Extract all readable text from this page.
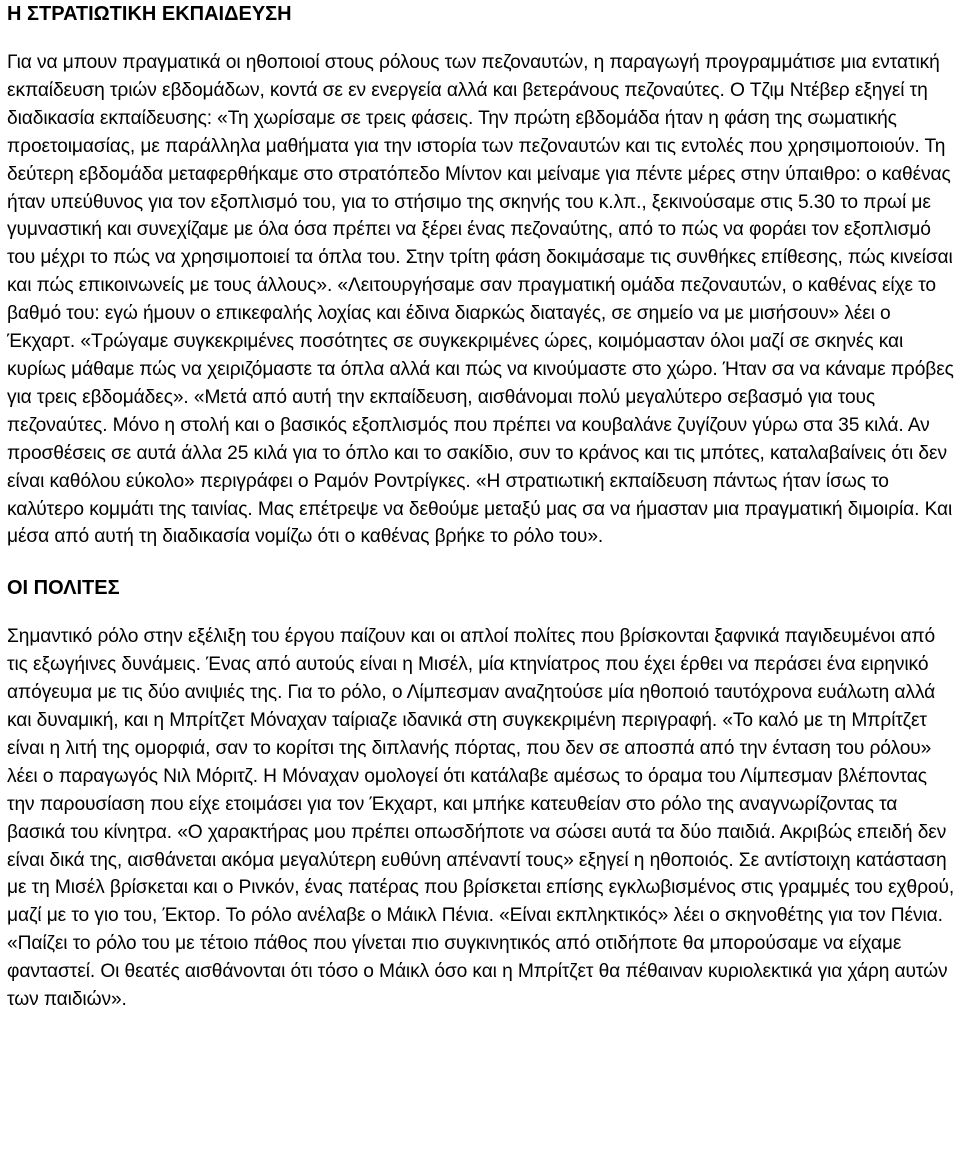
Η ΣΤΡΑΤΙΩΤΙΚΗ ΕΚΠΑΙΔΕΥΣΗ

Για να μπουν πραγματικά οι ηθοποιοί στους ρόλους των πεζοναυτών, η παραγωγή προγραμμάτισε μια εντατική εκπαίδευση τριών εβδομάδων, κοντά σε εν ενεργεία αλλά και βετεράνους πεζοναύτες. Ο Τζιμ Ντέβερ εξηγεί τη διαδικασία εκπαίδευσης: «Τη χωρίσαμε σε τρεις φάσεις. Την πρώτη εβδομάδα ήταν η φάση της σωματικής προετοιμασίας, με παράλληλα μαθήματα για την ιστορία των πεζοναυτών και τις εντολές που χρησιμοποιούν. Τη δεύτερη εβδομάδα μεταφερθήκαμε στο στρατόπεδο Μίντον και μείναμε για πέντε μέρες στην ύπαιθρο: ο καθένας ήταν υπεύθυνος για τον εξοπλισμό του, για το στήσιμο της σκηνής του κ.λπ., ξεκινούσαμε στις 5.30 το πρωί με γυμναστική και συνεχίζαμε με όλα όσα πρέπει να ξέρει ένας πεζοναύτης, από το πώς να φοράει τον εξοπλισμό του μέχρι το πώς να χρησιμοποιεί τα όπλα του. Στην τρίτη φάση δοκιμάσαμε τις συνθήκες επίθεσης, πώς κινείσαι και πώς επικοινωνείς με τους άλλους». «Λειτουργήσαμε σαν πραγματική ομάδα πεζοναυτών, ο καθένας είχε το βαθμό του: εγώ ήμουν ο επικεφαλής λοχίας και έδινα διαρκώς διαταγές, σε σημείο να με μισήσουν» λέει ο Έκχαρτ. «Τρώγαμε συγκεκριμένες ποσότητες σε συγκεκριμένες ώρες, κοιμόμασταν όλοι μαζί σε σκηνές και κυρίως μάθαμε πώς να χειριζόμαστε τα όπλα αλλά και πώς να κινούμαστε στο χώρο. Ήταν σα να κάναμε πρόβες για τρεις εβδομάδες». «Μετά από αυτή την εκπαίδευση, αισθάνομαι πολύ μεγαλύτερο σεβασμό για τους πεζοναύτες. Μόνο η στολή και ο βασικός εξοπλισμός που πρέπει να κουβαλάνε ζυγίζουν γύρω στα 35 κιλά. Αν προσθέσεις σε αυτά άλλα 25 κιλά για το όπλο και το σακίδιο, συν το κράνος και τις μπότες, καταλαβαίνεις ότι δεν είναι καθόλου εύκολο» περιγράφει ο Ραμόν Ροντρίγκες. «Η στρατιωτική εκπαίδευση πάντως ήταν ίσως το καλύτερο κομμάτι της ταινίας. Μας επέτρεψε να δεθούμε μεταξύ μας σα να ήμασταν μια πραγματική διμοιρία. Και μέσα από αυτή τη διαδικασία νομίζω ότι ο καθένας βρήκε το ρόλο του».

ΟΙ ΠΟΛΙΤΕΣ

Σημαντικό ρόλο στην εξέλιξη του έργου παίζουν και οι απλοί πολίτες που βρίσκονται ξαφνικά παγιδευμένοι από τις εξωγήινες δυνάμεις. Ένας από αυτούς είναι η Μισέλ, μία κτηνίατρος που έχει έρθει να περάσει ένα ειρηνικό απόγευμα με τις δύο ανιψιές της. Για το ρόλο, ο Λίμπεσμαν αναζητούσε μία ηθοποιό ταυτόχρονα ευάλωτη αλλά και δυναμική, και η Μπρίτζετ Μόναχαν ταίριαζε ιδανικά στη συγκεκριμένη περιγραφή. «Το καλό με τη Μπρίτζετ είναι η λιτή της ομορφιά, σαν το κορίτσι της διπλανής πόρτας, που δεν σε αποσπά από την ένταση του ρόλου» λέει ο παραγωγός Νιλ Μόριτζ. Η Μόναχαν ομολογεί ότι κατάλαβε αμέσως το όραμα του Λίμπεσμαν βλέποντας την παρουσίαση που είχε ετοιμάσει για τον Έκχαρτ, και μπήκε κατευθείαν στο ρόλο της αναγνωρίζοντας τα βασικά του κίνητρα. «Ο χαρακτήρας μου πρέπει οπωσδήποτε να σώσει αυτά τα δύο παιδιά. Ακριβώς επειδή δεν είναι δικά της, αισθάνεται ακόμα μεγαλύτερη ευθύνη απέναντί τους» εξηγεί η ηθοποιός. Σε αντίστοιχη κατάσταση με τη Μισέλ βρίσκεται και ο Ρινκόν, ένας πατέρας που βρίσκεται επίσης εγκλωβισμένος στις γραμμές του εχθρού, μαζί με το γιο του, Έκτορ. Το ρόλο ανέλαβε ο Μάικλ Πένια. «Είναι εκπληκτικός» λέει ο σκηνοθέτης για τον Πένια. «Παίζει το ρόλο του με τέτοιο πάθος που γίνεται πιο συγκινητικός από οτιδήποτε θα μπορούσαμε να είχαμε φανταστεί. Οι θεατές αισθάνονται ότι τόσο ο Μάικλ όσο και η Μπρίτζετ θα πέθαιναν κυριολεκτικά για χάρη αυτών των παιδιών».
